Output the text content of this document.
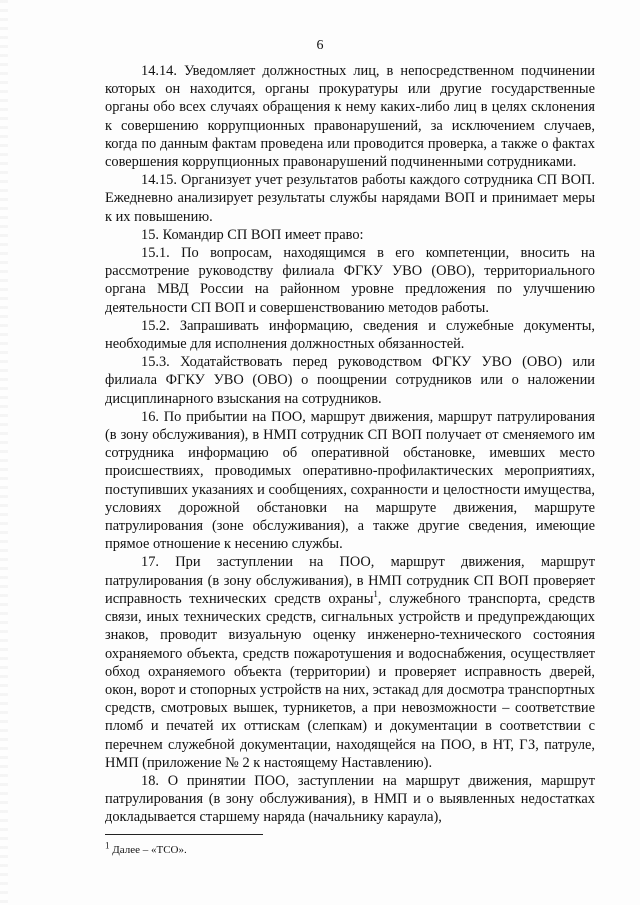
6

14.14. Уведомляет должностных лиц, в непосредственном подчинении которых он находится, органы прокуратуры или другие государственные органы обо всех случаях обращения к нему каких-либо лиц в целях склонения к совершению коррупционных правонарушений, за исключением случаев, когда по данным фактам проведена или проводится проверка, а также о фактах совершения коррупционных правонарушений подчиненными сотрудниками.

14.15. Организует учет результатов работы каждого сотрудника СП ВОП. Ежедневно анализирует результаты службы нарядами ВОП и принимает меры к их повышению.

15. Командир СП ВОП имеет право:

15.1. По вопросам, находящимся в его компетенции, вносить на рассмотрение руководству филиала ФГКУ УВО (ОВО), территориального органа МВД России на районном уровне предложения по улучшению деятельности СП ВОП и совершенствованию методов работы.

15.2. Запрашивать информацию, сведения и служебные документы, необходимые для исполнения должностных обязанностей.

15.3. Ходатайствовать перед руководством ФГКУ УВО (ОВО) или филиала ФГКУ УВО (ОВО) о поощрении сотрудников или о наложении дисциплинарного взыскания на сотрудников.

16. По прибытии на ПОО, маршрут движения, маршрут патрулирования (в зону обслуживания), в НМП сотрудник СП ВОП получает от сменяемого им сотрудника информацию об оперативной обстановке, имевших место происшествиях, проводимых оперативно-профилактических мероприятиях, поступивших указаниях и сообщениях, сохранности и целостности имущества, условиях дорожной обстановки на маршруте движения, маршруте патрулирования (зоне обслуживания), а также другие сведения, имеющие прямое отношение к несению службы.

17. При заступлении на ПОО, маршрут движения, маршрут патрулирования (в зону обслуживания), в НМП сотрудник СП ВОП проверяет исправность технических средств охраны$^1$, служебного транспорта, средств связи, иных технических средств, сигнальных устройств и предупреждающих знаков, проводит визуальную оценку инженерно-технического состояния охраняемого объекта, средств пожаротушения и водоснабжения, осуществляет обход охраняемого объекта (территории) и проверяет исправность дверей, окон, ворот и стопорных устройств на них, эстакад для досмотра транспортных средств, смотровых вышек, турникетов, а при невозможности – соответствие пломб и печатей их оттискам (слепкам) и документации в соответствии с перечнем служебной документации, находящейся на ПОО, в НТ, ГЗ, патруле, НМП (приложение № 2 к настоящему Наставлению).

18. О принятии ПОО, заступлении на маршрут движения, маршрут патрулирования (в зону обслуживания), в НМП и о выявленных недостатках докладывается старшему наряда (начальнику караула),

$^1$ Далее – «ТСО».
